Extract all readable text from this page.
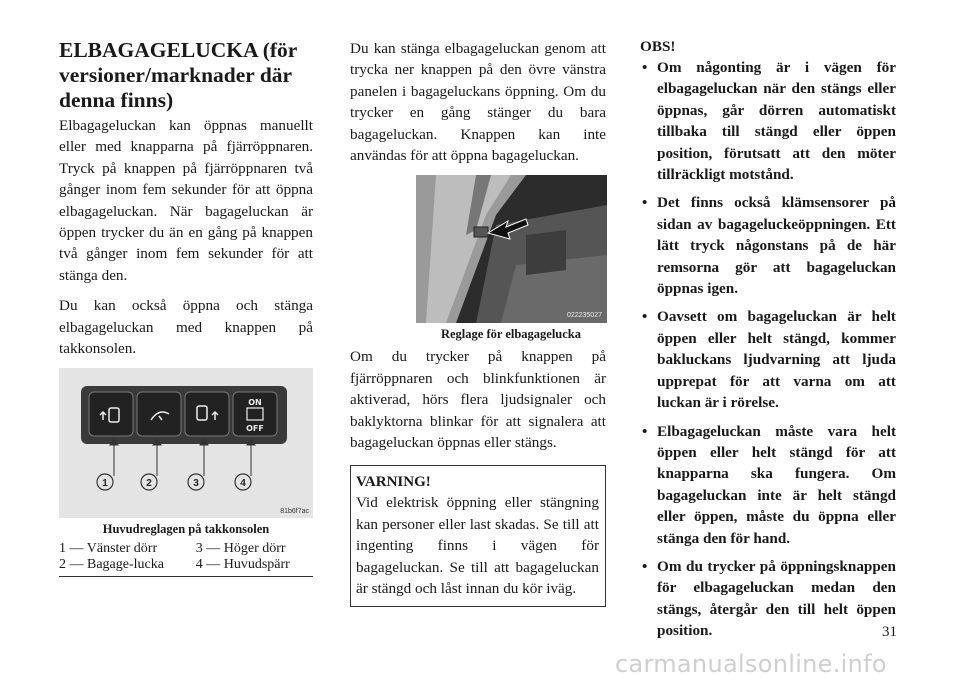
ELBAGAGELUCKA (för versioner/marknader där denna finns)

Elbagageluckan kan öppnas manuellt eller med knapparna på fjärröppnaren. Tryck på knappen på fjärröppnaren två gånger inom fem sekunder för att öppna elbagageluckan. När bagageluckan är öppen trycker du än en gång på knappen två gånger inom fem sekunder för att stänga den.

Du kan också öppna och stänga elbagageluckan med knappen på takkonsolen.

ON
OFF
1	2	3	4
81b6f7ac
Huvudreglagen på takkonsolen
1 — Vänster dörr	3 — Höger dörr
2 — Bagage-lucka	4 — Huvudspärr

Du kan stänga elbagageluckan genom att trycka ner knappen på den övre vänstra panelen i bagageluckans öppning. Om du trycker en gång stänger du bara bagageluckan. Knappen kan inte användas för att öppna bagageluckan.

022235027
Reglage för elbagagelucka

Om du trycker på knappen på fjärröppnaren och blinkfunktionen är aktiverad, hörs flera ljudsignaler och baklyktorna blinkar för att signalera att bagageluckan öppnas eller stängs.

VARNING!
Vid elektrisk öppning eller stängning kan personer eller last skadas. Se till att ingenting finns i vägen för bagageluckan. Se till att bagageluckan är stängd och låst innan du kör iväg.
OBS!
• Om någonting är i vägen för elbagageluckan när den stängs eller öppnas, går dörren automatiskt tillbaka till stängd eller öppen position, förutsatt att den möter tillräckligt motstånd.
• Det finns också klämsensorer på sidan av bagageluckeöppningen. Ett lätt tryck någonstans på de här remsorna gör att bagageluckan öppnas igen.
• Oavsett om bagageluckan är helt öppen eller helt stängd, kommer bakluckans ljudvarning att ljuda upprepat för att varna om att luckan är i rörelse.
• Elbagageluckan måste vara helt öppen eller helt stängd för att knapparna ska fungera. Om bagageluckan inte är helt stängd eller öppen, måste du öppna eller stänga den för hand.
• Om du trycker på öppningsknappen för elbagageluckan medan den stängs, återgår den till helt öppen position.	31
carmanualsonline.info
